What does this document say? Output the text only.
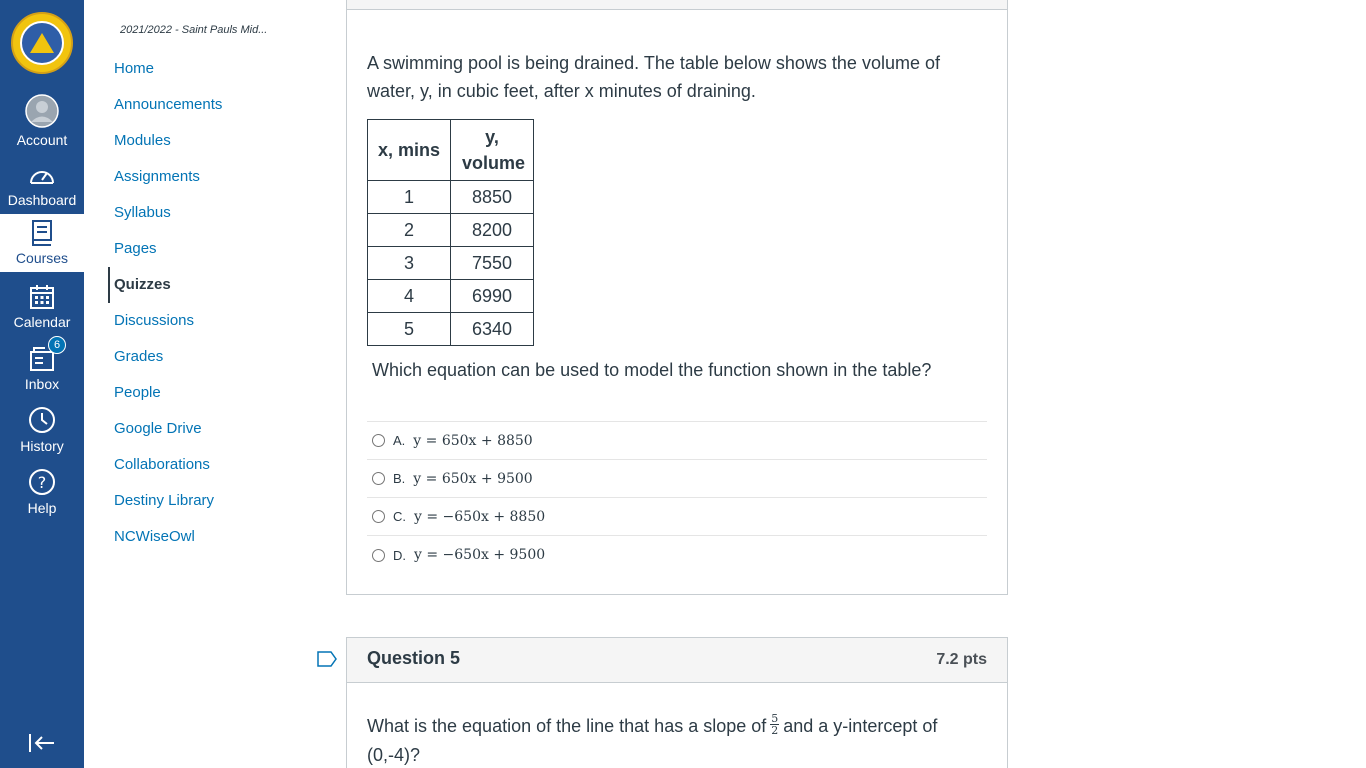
Account
Dashboard
Courses
Calendar
6
Inbox
History
?
Help
2021/2022 - Saint Pauls Mid...
Home
Announcements
Modules
Assignments
Syllabus
Pages
Quizzes
Discussions
Grades
People
Google Drive
Collaborations
Destiny Library
NCWiseOwl

A swimming pool is being drained. The table below shows the volume of water, y, in cubic feet, after x minutes of draining.

x, mins	y, volume
1	8850
2	8200
3	7550
4	6990
5	6340

Which equation can be used to model the function shown in the table?

A. y = 650x + 8850
B. y = 650x + 9500
C. y = −650x + 8850
D. y = −650x + 9500
Question 5	7.2 pts

What is the equation of the line that has a slope of $\frac{5}{2}$ and a y-intercept of (0,-4)?
